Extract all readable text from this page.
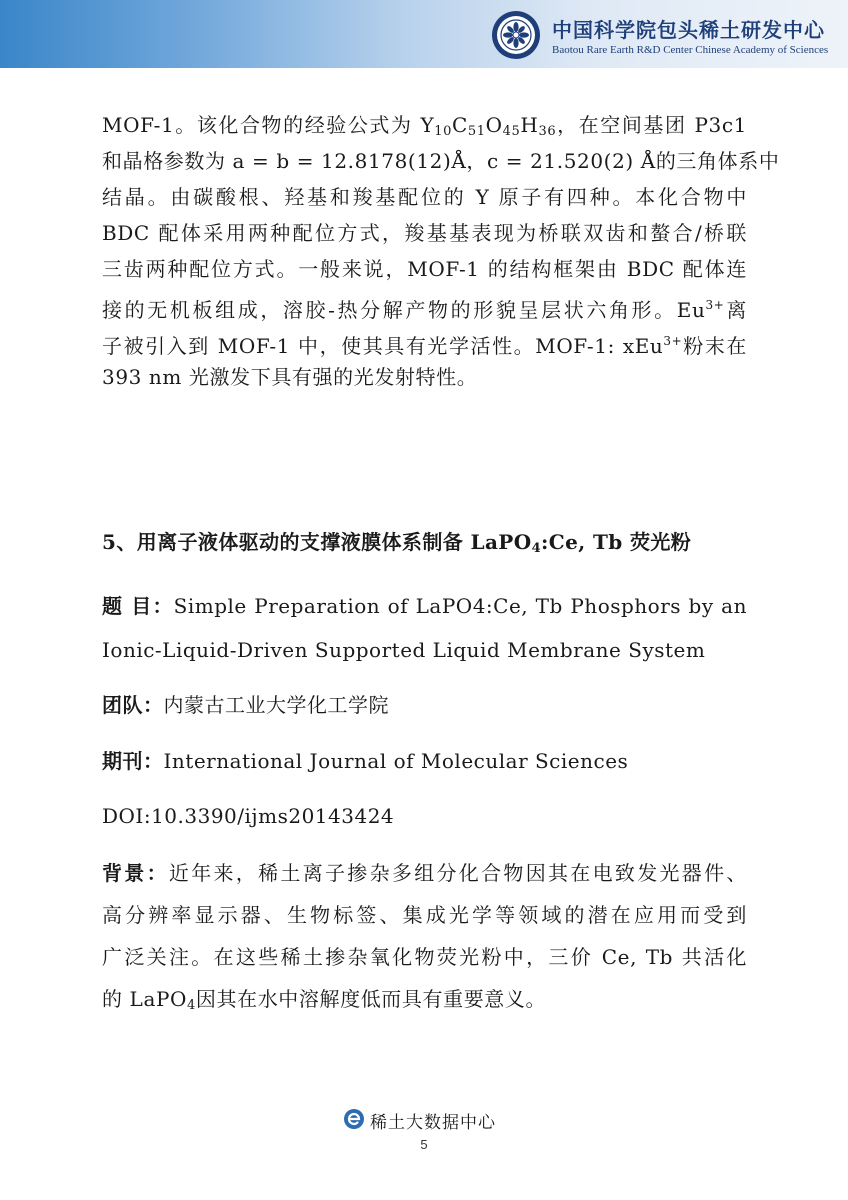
中国科学院包头稀土研发中心
Baotou Rare Earth R&D Center Chinese Academy of Sciences
MOF-1。该化合物的经验公式为 $Y_{10}C_{51}O_{45}H_{36}$，在空间基团 P3c1
和晶格参数为 a = b = 12.8178(12)Å，c = 21.520(2) Å的三角体系中
结晶。由碳酸根、羟基和羧基配位的 Y 原子有四种。本化合物中
BDC 配体采用两种配位方式，羧基基表现为桥联双齿和螯合/桥联
三齿两种配位方式。一般来说，MOF-1 的结构框架由 BDC 配体连
接的无机板组成，溶胶-热分解产物的形貌呈层状六角形。$Eu^{3+}$离
子被引入到 MOF-1 中，使其具有光学活性。MOF-1: xEu$^{3+}$粉末在
393 nm 光激发下具有强的光发射特性。
5、用离子液体驱动的支撑液膜体系制备 LaPO$_4$:Ce, Tb 荧光粉
题 目：Simple Preparation of LaPO4:Ce, Tb Phosphors by an
Ionic-Liquid-Driven Supported Liquid Membrane System
团队：内蒙古工业大学化工学院
期刊：International Journal of Molecular Sciences
DOI:10.3390/ijms20143424
背景：近年来，稀土离子掺杂多组分化合物因其在电致发光器件、
高分辨率显示器、生物标签、集成光学等领域的潜在应用而受到
广泛关注。在这些稀土掺杂氧化物荧光粉中，三价 Ce, Tb 共活化
的 LaPO$_4$因其在水中溶解度低而具有重要意义。
稀土大数据中心
5
